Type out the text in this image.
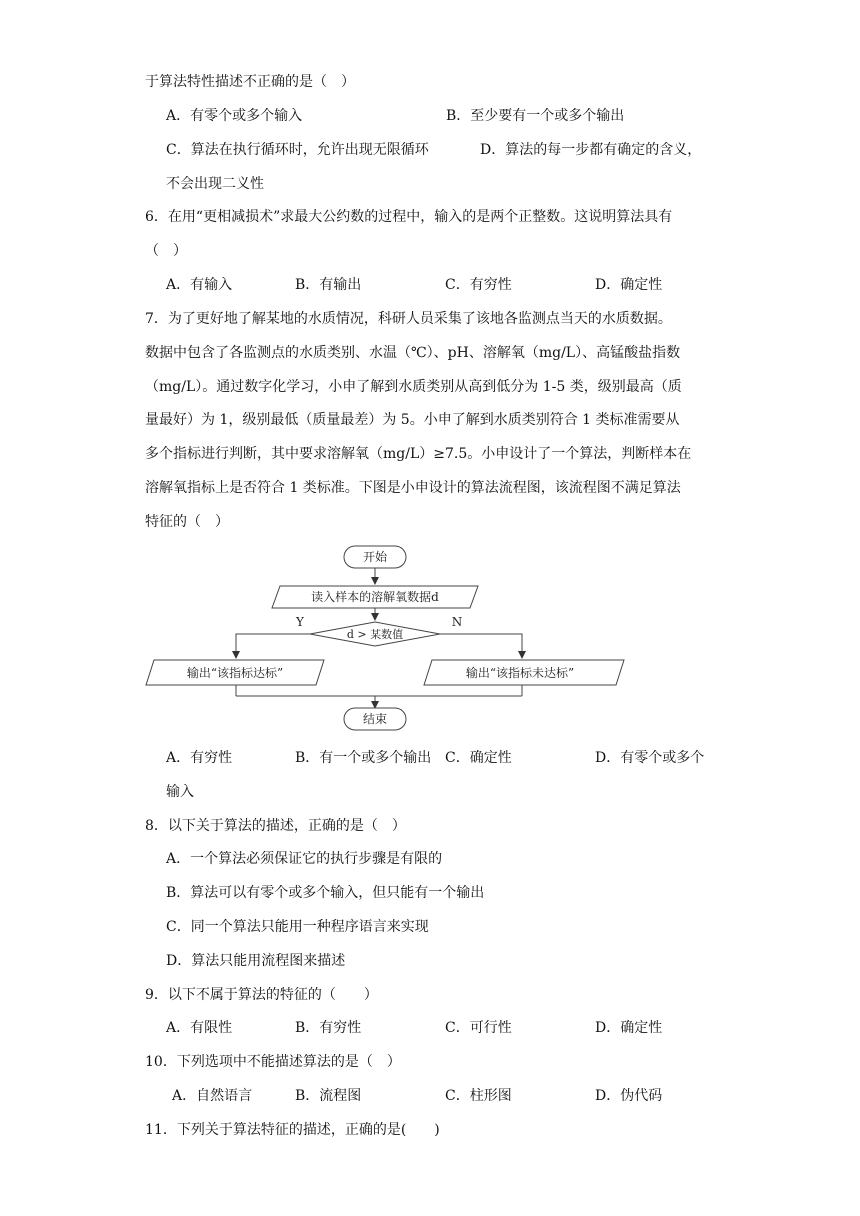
于算法特性描述不正确的是（　）
A．有零个或多个输入	B．至少要有一个或多个输出
C．算法在执行循环时，允许出现无限循环	D．算法的每一步都有确定的含义，
不会出现二义性
6．在用“更相减损术”求最大公约数的过程中，输入的是两个正整数。这说明算法具有
（　）
A．有输入	B．有输出	C．有穷性	D．确定性
7．为了更好地了解某地的水质情况，科研人员采集了该地各监测点当天的水质数据。
数据中包含了各监测点的水质类别、水温（℃）、pH、溶解氧（mg/L）、高锰酸盐指数
（mg/L）。通过数字化学习，小申了解到水质类别从高到低分为 1-5 类，级别最高（质
量最好）为 1，级别最低（质量最差）为 5。小申了解到水质类别符合 1 类标准需要从
多个指标进行判断，其中要求溶解氧（mg/L）≥7.5。小申设计了一个算法，判断样本在
溶解氧指标上是否符合 1 类标准。下图是小申设计的算法流程图，该流程图不满足算法
特征的（　）
开始
读入样本的溶解氧数据d
d > 某数值
Y	N
输出“该指标达标”	输出“该指标未达标”
结束
A．有穷性	B．有一个或多个输出 C．确定性	D．有零个或多个
输入
8．以下关于算法的描述，正确的是（　）
A．一个算法必须保证它的执行步骤是有限的
B．算法可以有零个或多个输入，但只能有一个输出
C．同一个算法只能用一种程序语言来实现
D．算法只能用流程图来描述
9．以下不属于算法的特征的（　　）
A．有限性	B．有穷性	C．可行性	D．确定性
10．下列选项中不能描述算法的是（　）
A．自然语言	B．流程图	C．柱形图	D．伪代码
11．下列关于算法特征的描述，正确的是(　　)
